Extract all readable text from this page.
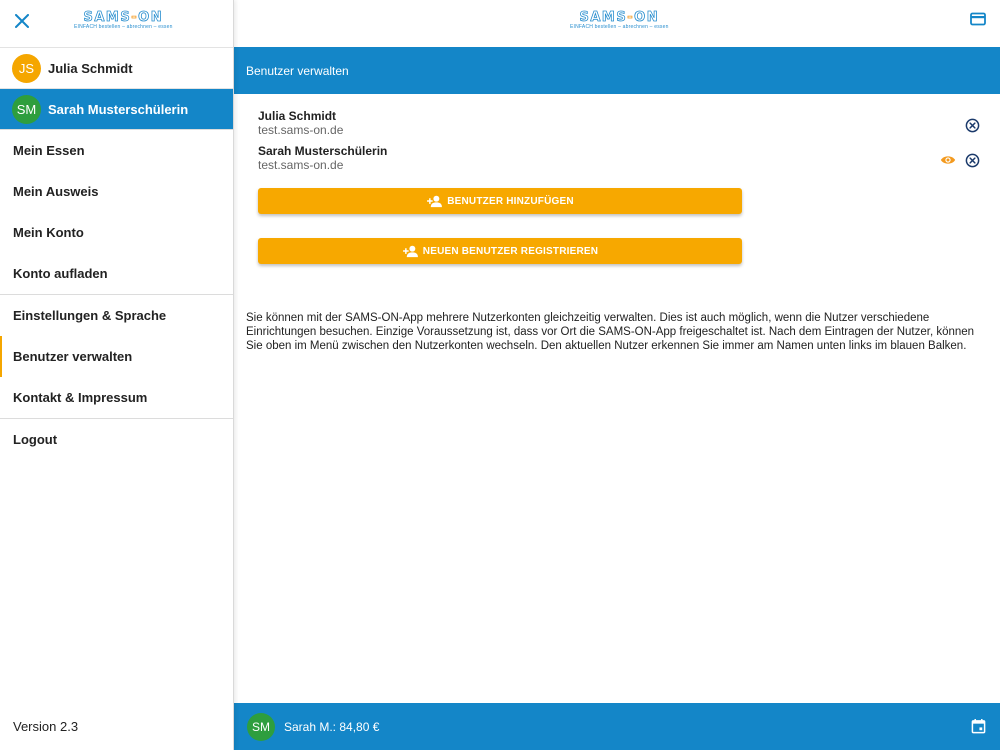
SAMS-ON
EINFACH bestellen – abrechnen – essen
JS	Julia Schmidt
SM Sarah Musterschülerin
Mein Essen
Mein Ausweis
Mein Konto
Konto aufladen
Einstellungen & Sprache
Benutzer verwalten
Kontakt & Impressum
Logout
Version 2.3
SAMS-ON
EINFACH bestellen – abrechnen – essen
Benutzer verwalten
Julia Schmidt
test.sams-on.de
Sarah Musterschülerin
test.sams-on.de
BENUTZER HINZUFÜGEN
NEUEN BENUTZER REGISTRIEREN

Sie können mit der SAMS-ON-App mehrere Nutzerkonten gleichzeitig verwalten. Dies ist auch möglich, wenn die Nutzer verschiedene Einrichtungen besuchen. Einzige Voraussetzung ist, dass vor Ort die SAMS-ON-App freigeschaltet ist. Nach dem Eintragen der Nutzer, können Sie oben im Menü zwischen den Nutzerkonten wechseln. Den aktuellen Nutzer erkennen Sie immer am Namen unten links im blauen Balken.

SM	Sarah M.: 84,80 €
